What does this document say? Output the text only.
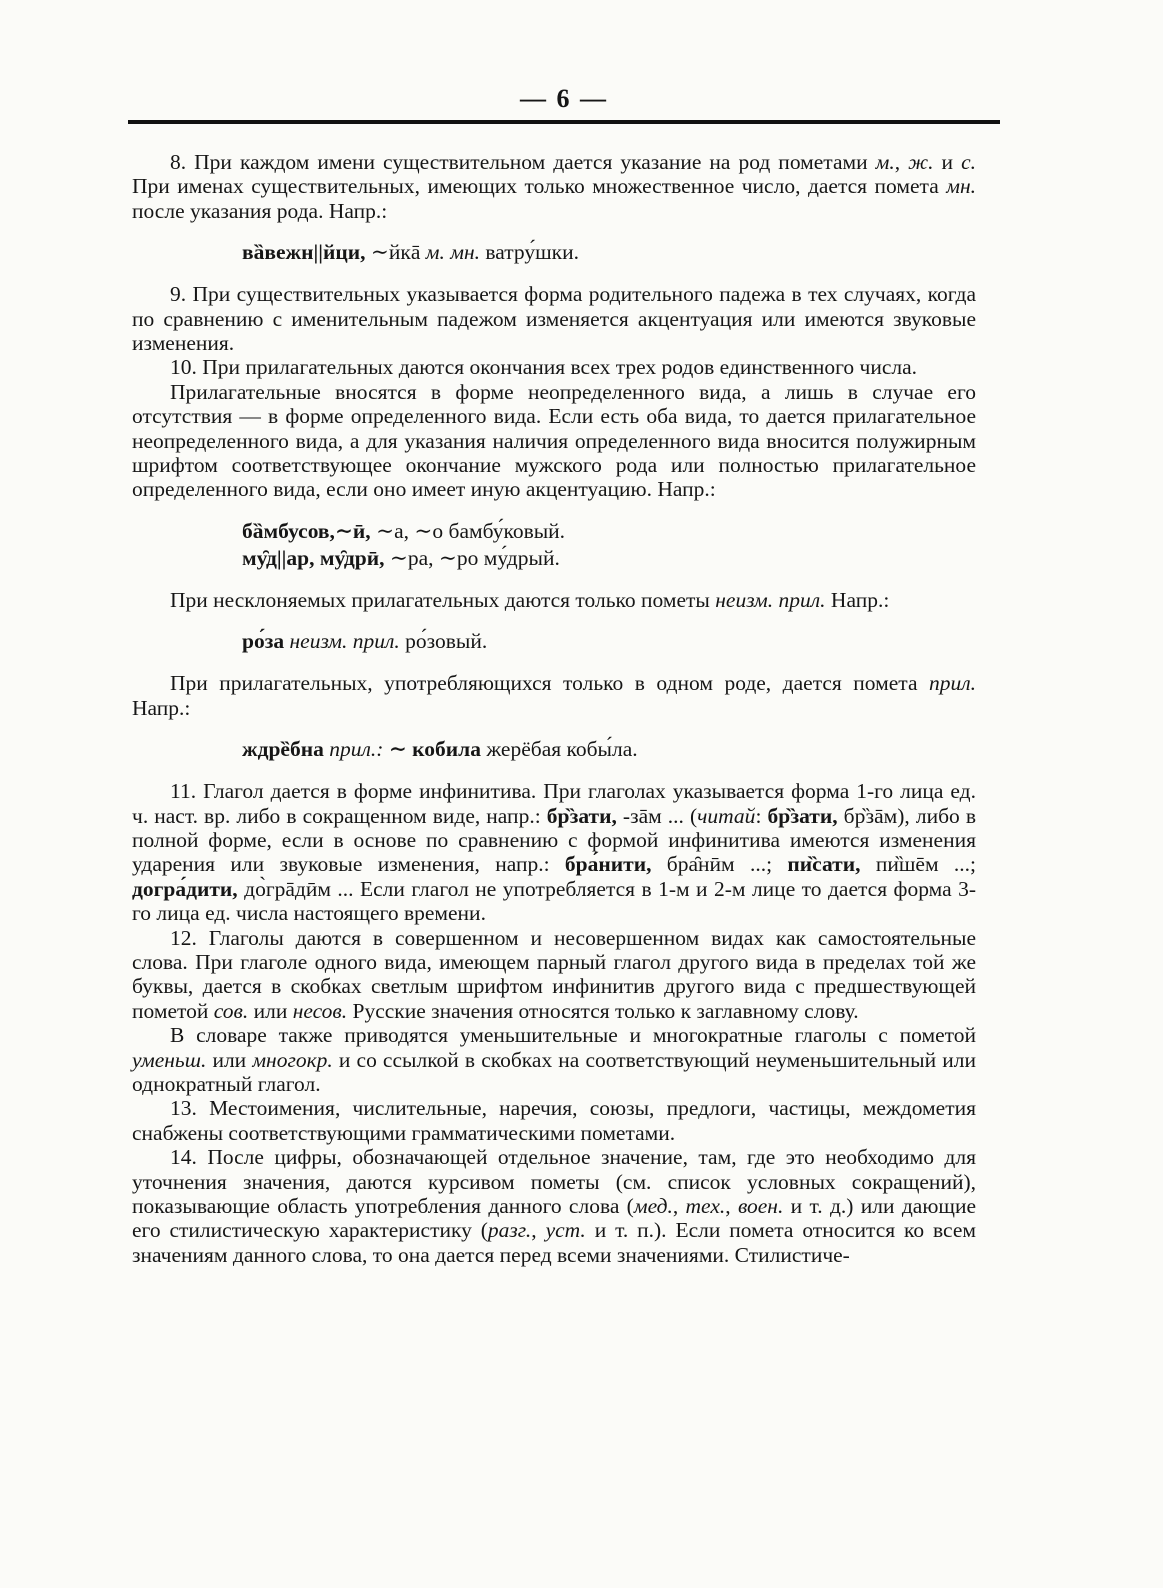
— 6 —

8. При каждом имени существительном дается указание на род пометами м., ж. и с. При именах существительных, имеющих только множественное число, дается помета мн. после указания рода. Напр.:

вȁвежн||йци, ∼йкā м. мн. ватру́шки.

9. При существительных указывается форма родительного падежа в тех случаях, когда по сравнению с именительным падежом изменяется акцентуация или имеются звуковые изменения.

10. При прилагательных даются окончания всех трех родов единственного числа.

Прилагательные вносятся в форме неопределенного вида, а лишь в случае его отсутствия — в форме определенного вида. Если есть оба вида, то дается прилагательное неопределенного вида, а для указания наличия определенного вида вносится полужирным шрифтом соответствующее окончание мужского рода или полностью прилагательное определенного вида, если оно имеет иную акцентуацию. Напр.:

бȁмбусов,∼ӣ, ∼а, ∼о бамбу́ковый.
му̑д||ар, му̑дрӣ, ∼ра, ∼ро му́дрый.

При несклоняемых прилагательных даются только пометы неизм. прил. Напр.:

ро́за неизм. прил. ро́зовый.

При прилагательных, употребляющихся только в одном роде, дается помета прил. Напр.:

ждрȅбна прил.: ∼ кобила жерёбая кобы́ла.

11. Глагол дается в форме инфинитива. При глаголах указывается форма 1-го лица ед. ч. наст. вр. либо в сокращенном виде, напр.: бр̏зати, -зāм ... (читай: бр̏зати, бр̏зāм), либо в полной форме, если в основе по сравнению с формой инфинитива имеются изменения ударения или звуковые изменения, напр.: бра́нити, бра̑нӣм ...; пи̏сати, пи̏шēм ...; догра́дити, до̀грāдӣм ... Если глагол не употребляется в 1-м и 2-м лице то дается форма 3-го лица ед. числа настоящего времени.

12. Глаголы даются в совершенном и несовершенном видах как самостоятельные слова. При глаголе одного вида, имеющем парный глагол другого вида в пределах той же буквы, дается в скобках светлым шрифтом инфинитив другого вида с предшествующей пометой сов. или несов. Русские значения относятся только к заглавному слову.

В словаре также приводятся уменьшительные и многократные глаголы с пометой уменьш. или многокр. и со ссылкой в скобках на соответствующий неуменьшительный или однократный глагол.

13. Местоимения, числительные, наречия, союзы, предлоги, частицы, междометия снабжены соответствующими грамматическими пометами.

14. После цифры, обозначающей отдельное значение, там, где это необходимо для уточнения значения, даются курсивом пометы (см. список условных сокращений), показывающие область употребления данного слова (мед., тех., воен. и т. д.) или дающие его стилистическую характеристику (разг., уст. и т. п.). Если помета относится ко всем значениям данного слова, то она дается перед всеми значениями. Стилистиче-
